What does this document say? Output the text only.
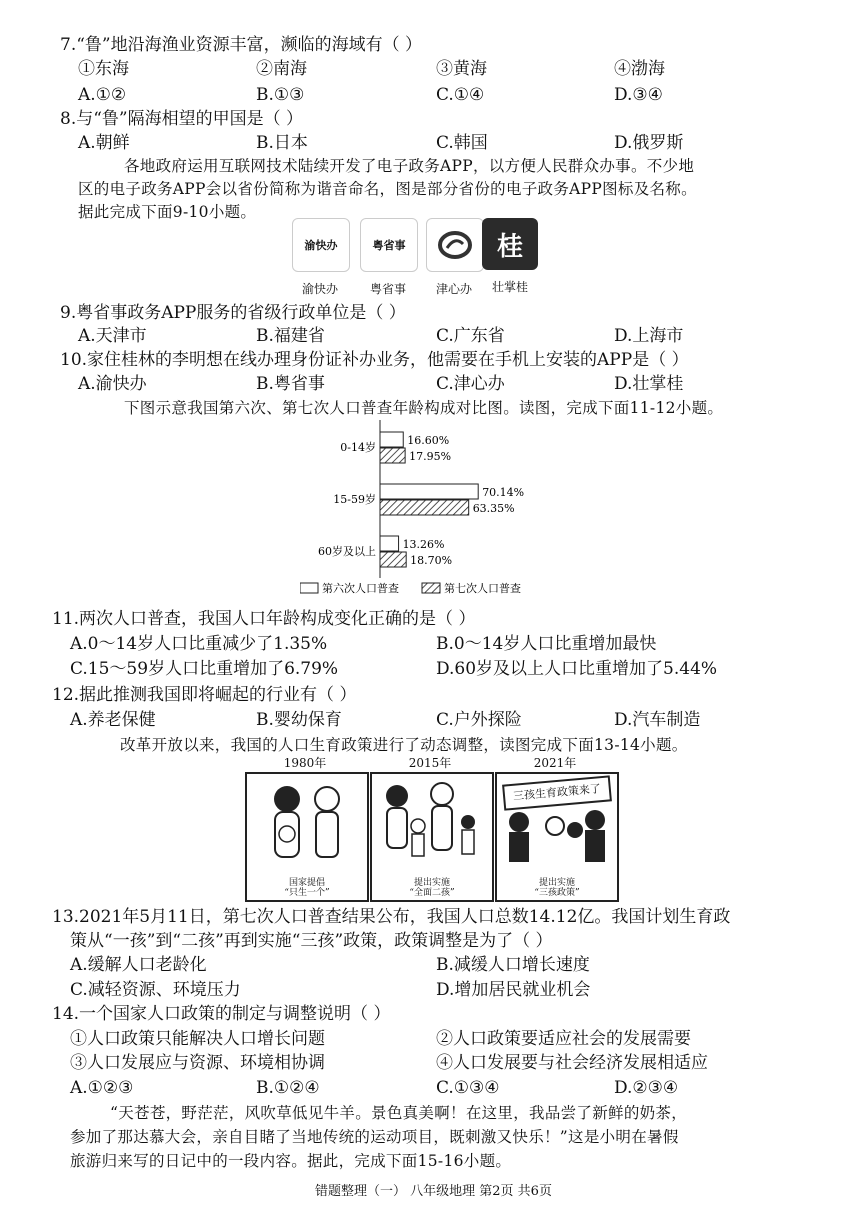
7.“鲁”地沿海渔业资源丰富，濒临的海域有（ ）
①东海	②南海	③黄海	④渤海
A.①②	B.①③	C.①④	D.③④
8.与“鲁”隔海相望的甲国是（ ）
A.朝鲜	B.日本	C.韩国	D.俄罗斯
各地政府运用互联网技术陆续开发了电子政务APP，以方便人民群众办事。不少地
区的电子政务APP会以省份简称为谐音命名，图是部分省份的电子政务APP图标及名称。
据此完成下面9-10小题。
渝快办
渝快办
粤省事
粤省事	津心办
桂
壮掌桂
9.粤省事政务APP服务的省级行政单位是（ ）
A.天津市	B.福建省	C.广东省	D.上海市
10.家住桂林的李明想在线办理身份证补办业务，他需要在手机上安装的APP是（ ）
A.渝快办	B.粤省事	C.津心办	D.壮掌桂
下图示意我国第六次、第七次人口普查年龄构成对比图。读图，完成下面11-12小题。
0-14岁
16.60%
17.95%
15-59岁
70.14%
63.35%
60岁及以上
13.26%
18.70%
第六次人口普查	第七次人口普查
11.两次人口普查，我国人口年龄构成变化正确的是（ ）
A.0～14岁人口比重减少了1.35%	B.0～14岁人口比重增加最快
C.15～59岁人口比重增加了6.79%	D.60岁及以上人口比重增加了5.44%
12.据此推测我国即将崛起的行业有（ ）
A.养老保健	B.婴幼保育	C.户外探险	D.汽车制造
改革开放以来，我国的人口生育政策进行了动态调整，读图完成下面13-14小题。
1980年	2015年	2021年
国家提倡
“只生一个”
提出实施
“全面二孩”
三孩生育政策来了
提出实施
“三孩政策”
13.2021年5月11日，第七次人口普查结果公布，我国人口总数14.12亿。我国计划生育政
策从“一孩”到“二孩”再到实施“三孩”政策，政策调整是为了（ ）
A.缓解人口老龄化	B.减缓人口增长速度
C.减轻资源、环境压力	D.增加居民就业机会
14.一个国家人口政策的制定与调整说明（ ）
①人口政策只能解决人口增长问题	②人口政策要适应社会的发展需要
③人口发展应与资源、环境相协调	④人口发展要与社会经济发展相适应
A.①②③	B.①②④	C.①③④	D.②③④
“天苍苍，野茫茫，风吹草低见牛羊。景色真美啊！在这里，我品尝了新鲜的奶茶，
参加了那达慕大会，亲自目睹了当地传统的运动项目，既刺激又快乐！”这是小明在暑假
旅游归来写的日记中的一段内容。据此，完成下面15-16小题。
错题整理（一） 八年级地理 第2页 共6页
